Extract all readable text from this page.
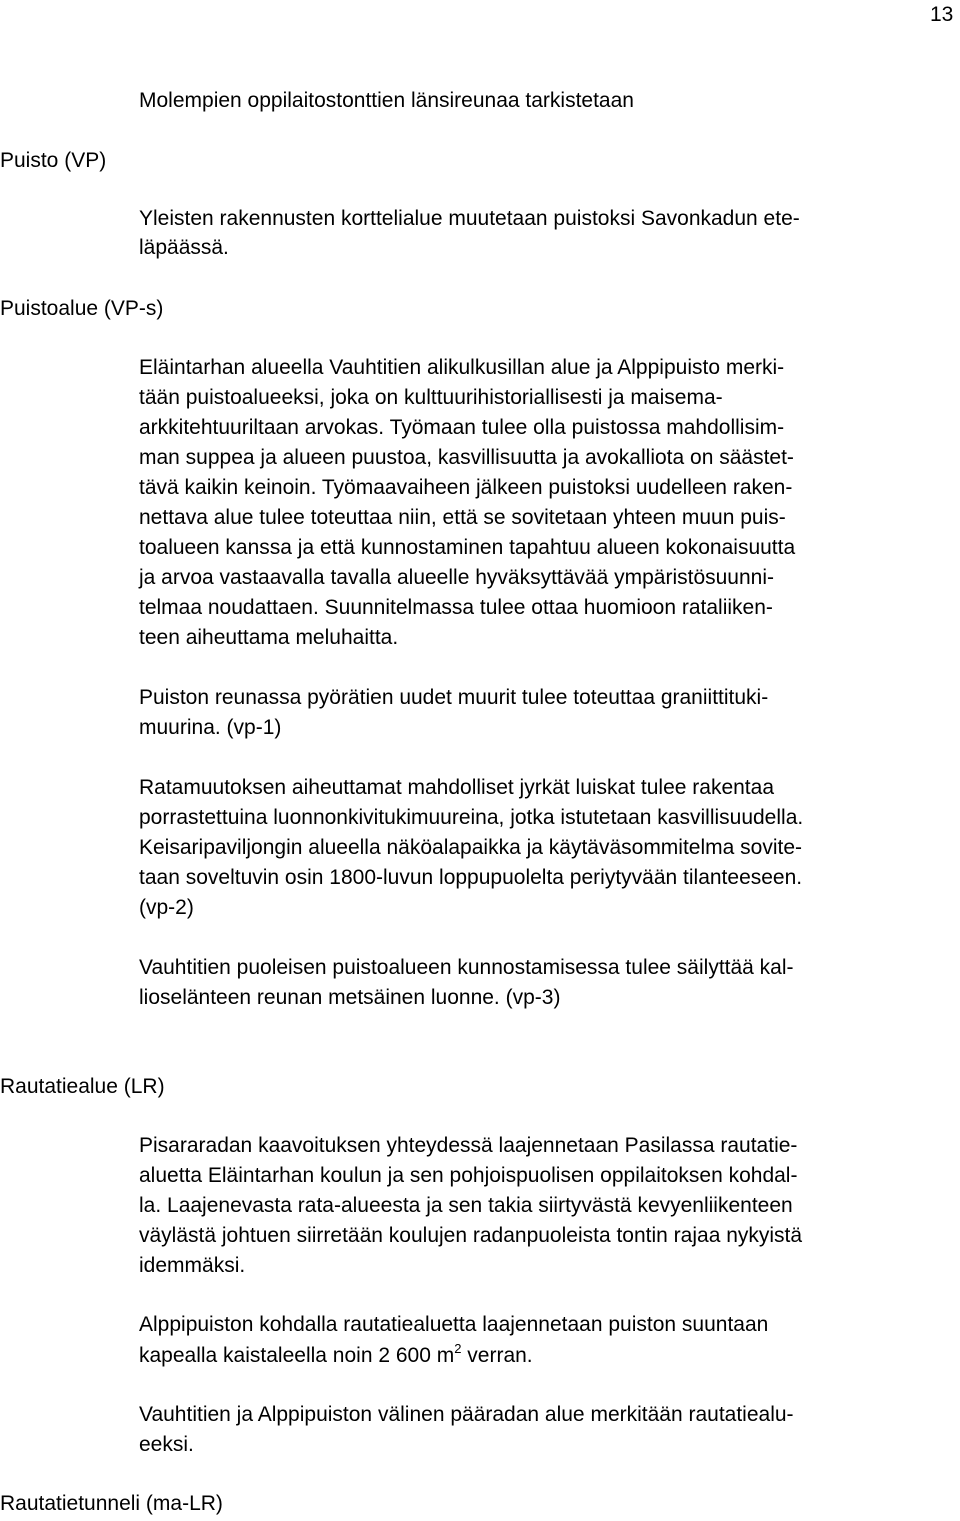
13
Molempien oppilaitostonttien länsireunaa tarkistetaan
Puisto (VP)
Yleisten rakennusten korttelialue muutetaan puistoksi Savonkadun ete-
läpäässä.
Puistoalue (VP-s)
Eläintarhan alueella Vauhtitien alikulkusillan alue ja Alppipuisto merki-
tään puistoalueeksi, joka on kulttuurihistoriallisesti ja maisema-
arkkitehtuuriltaan arvokas. Työmaan tulee olla puistossa mahdollisim-
man suppea ja alueen puustoa, kasvillisuutta ja avokalliota on säästet-
tävä kaikin keinoin. Työmaavaiheen jälkeen puistoksi uudelleen raken-
nettava alue tulee toteuttaa niin, että se sovitetaan yhteen muun puis-
toalueen kanssa ja että kunnostaminen tapahtuu alueen kokonaisuutta
ja arvoa vastaavalla tavalla alueelle hyväksyttävää ympäristösuunni-
telmaa noudattaen. Suunnitelmassa tulee ottaa huomioon rataliiken-
teen aiheuttama meluhaitta.
Puiston reunassa pyörätien uudet muurit tulee toteuttaa graniittituki-
muurina. (vp-1)
Ratamuutoksen aiheuttamat mahdolliset jyrkät luiskat tulee rakentaa
porrastettuina luonnonkivitukimuureina, jotka istutetaan kasvillisuudella.
Keisaripaviljongin alueella näköalapaikka ja käytäväsommitelma sovite-
taan soveltuvin osin 1800-luvun loppupuolelta periytyvään tilanteeseen.
(vp-2)
Vauhtitien puoleisen puistoalueen kunnostamisessa tulee säilyttää kal-
lioselänteen reunan metsäinen luonne. (vp-3)
Rautatiealue (LR)
Pisararadan kaavoituksen yhteydessä laajennetaan Pasilassa rautatie-
aluetta Eläintarhan koulun ja sen pohjoispuolisen oppilaitoksen kohdal-
la. Laajenevasta rata-alueesta ja sen takia siirtyvästä kevyenliikenteen
väylästä johtuen siirretään koulujen radanpuoleista tontin rajaa nykyistä
idemmäksi.
Alppipuiston kohdalla rautatiealuetta laajennetaan puiston suuntaan
kapealla kaistaleella noin 2 600 $m^2$ verran.
Vauhtitien ja Alppipuiston välinen pääradan alue merkitään rautatiealu-
eeksi.
Rautatietunneli (ma-LR)
